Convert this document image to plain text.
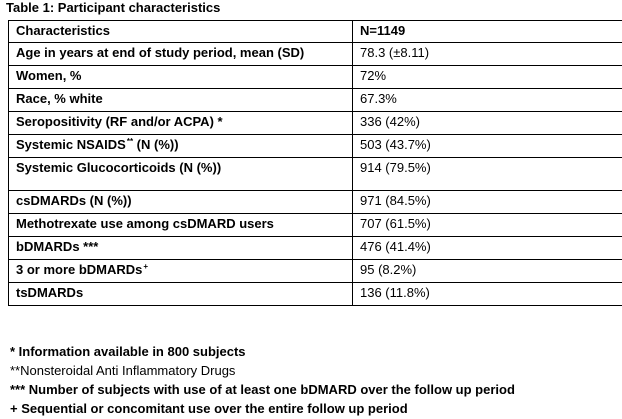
Table 1: Participant characteristics
Characteristics	N=1149
Age in years at end of study period, mean (SD)	78.3 (±8.11)
Women, %	72%
Race, % white	67.3%
Seropositivity (RF and/or ACPA) *	336 (42%)
Systemic NSAIDS** (N (%))	503 (43.7%)
Systemic Glucocorticoids (N (%))	914 (79.5%)
csDMARDs (N (%))	971 (84.5%)
Methotrexate use among csDMARD users	707 (61.5%)
bDMARDs ***	476 (41.4%)
3 or more bDMARDs+	95 (8.2%)
tsDMARDs	136 (11.8%)
* Information available in 800 subjects
**Nonsteroidal Anti Inflammatory Drugs
*** Number of subjects with use of at least one bDMARD over the follow up period
+ Sequential or concomitant use over the entire follow up period
